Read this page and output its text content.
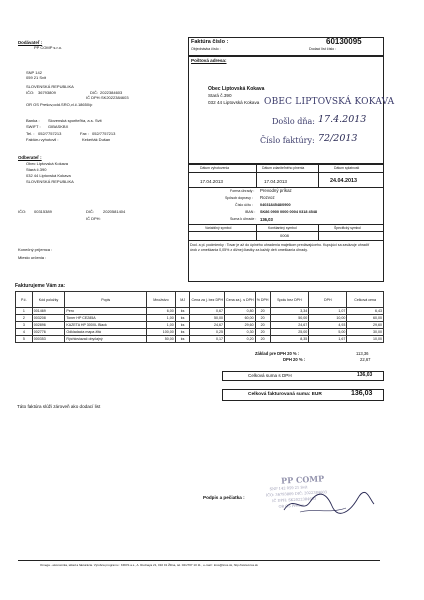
Dodávateľ :
PP COMP s.r.o.
SNP 142
059 21 Svit
SLOVENSKÁ REPUBLIKA
IČO: 36793809	DIČ: 2022384603
IČ DPH: SK2022384603
OR OS Prešov,odd.SRO,vl.č.18650/p
Banka : Slovenská sporiteľňa, a.s. Svit
SWIFT : GIBASKBX
Tel. : 052/7757213	Fax : 052/7757213
Faktúru vyhotovil :	Kekeňák Dušan
Faktúra číslo :	60130095
Objednávka číslo :	Dodací list číslo :
Poštová adresa:
Obec Liptovská Kokava
Stará č.390
032 44 Liptovská Kokava OBEC LIPTOVSKÁ KOKAVA
Došlo dňa: 17.4.2013
Číslo faktúry: 72/2013
Odberateľ :
Obec Liptovská Kokava
Stará č.390
032 44 Liptovská Kokava
SLOVENSKÁ REPUBLIKA
IČO: 00315389	DIČ: 2020581404
IČ DPH:
Konečný príjemca :
Miesto určenia :
Dátum vyhotovenia	Dátum zdaniteľného plnenia	Dátum splatnosti
17.04.2013	17.04.2013	24.04.2013
Forma úhrady : Prevodný príkaz
Spôsob dopravy : Rozvoz
Číslo účtu : 0403184548/0900
IBAN : SK86 0900 0000 0004 0318 4548
Suma k úhrade : 136,03
Variabilný symbol	Konštantný symbol	Špecifický symbol
0008
Dod. a pl. podmienky : Tovar je až do úplného uhradenia majetkom predávajúceho. Kupujúci sa zaväzuje uhradiť úrok z omeškania 0,05% z dlžnej čiastky za každý deň omeškania úhrady.
Fakturujeme Vám za:
P.č.	Kód položky	Popis	Množstvo	MJ	Cena za j. bez DPH	Cena za j. s DPH	% DPH	Spolu bez DPH	DPH	Celková cena
1	001469	Pero	6,00	ks	0,67	0,80	20	3,34	1,07	6,43
2	003208	Toner HP CE285A	1,00	ks	50,00	60,00	20	50,00	10,00	60,00
3	002896	KAZETA HP 300XL Black	1,00	ks	24,67	29,60	20	24,67	4,93	29,60
4	002776	Odkladacia mapa žltá	100,00	ks	0,25	0,30	20	25,00	5,00	30,00
5	000353	Rýchloviazač obyčajný	50,00	ks	0,17	0,20	20	8,35	1,67	10,00
Základ pre DPH 20 % :	113,36
DPH 20 % :	22,67
Celková suma s DPH	136,03
Celková fakturovaná suma: EUR	136,03
Táto faktúra slúži zároveň ako dodací list
Podpis a pečiatka :
PP COMP
SNP 142 059 21 Svit
IČO: 36793809 DIČ: 2022384603
IČ DPH: SK2022384603
OR OS Prešov
Omega - ekonomika, sklad a fakturácia. Výrobca programu : KROS a.s., A. Rudnaya 21, 010 01 Žilina, tel. 041/707 10 11 , e-mail : kros@kros.sk, http://www.kros.sk
